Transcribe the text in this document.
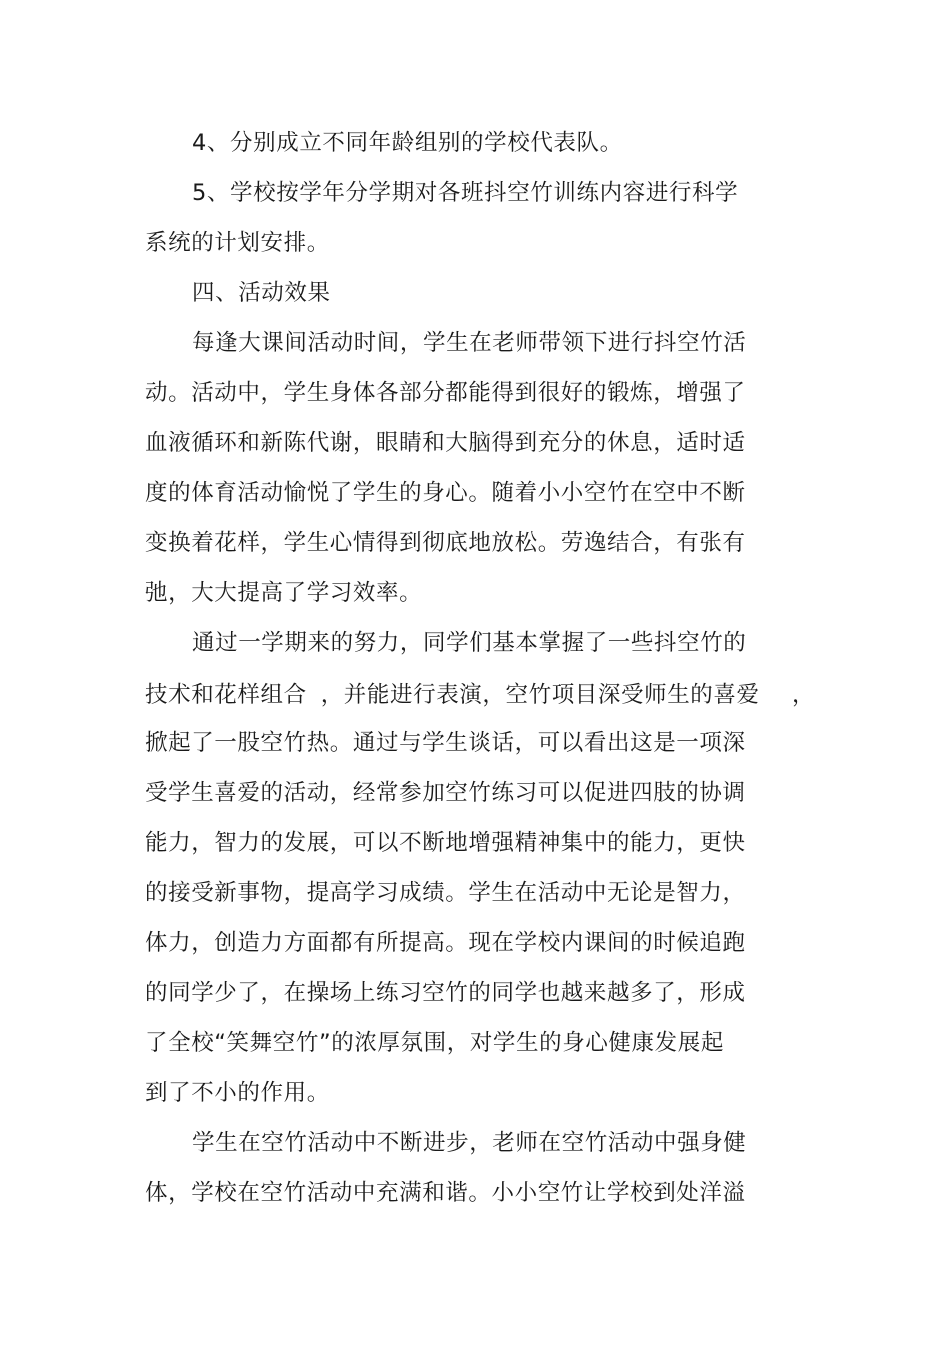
4、分别成立不同年龄组别的学校代表队。
5、学校按学年分学期对各班抖空竹训练内容进行科学
系统的计划安排。
四、活动效果
每逢大课间活动时间，学生在老师带领下进行抖空竹活
动。活动中，学生身体各部分都能得到很好的锻炼，增强了
血液循环和新陈代谢，眼睛和大脑得到充分的休息，适时适
度的体育活动愉悦了学生的身心。随着小小空竹在空中不断
变换着花样，学生心情得到彻底地放松。劳逸结合，有张有
弛，大大提高了学习效率。
通过一学期来的努力，同学们基本掌握了一些抖空竹的
技术和花样组合 ，并能进行表演，空竹项目深受师生的喜爱 ，
掀起了一股空竹热。通过与学生谈话，可以看出这是一项深
受学生喜爱的活动，经常参加空竹练习可以促进四肢的协调
能力，智力的发展，可以不断地增强精神集中的能力，更快
的接受新事物，提高学习成绩。学生在活动中无论是智力，
体力，创造力方面都有所提高。现在学校内课间的时候追跑
的同学少了，在操场上练习空竹的同学也越来越多了，形成
了全校“笑舞空竹”的浓厚氛围，对学生的身心健康发展起
到了不小的作用。
学生在空竹活动中不断进步，老师在空竹活动中强身健
体，学校在空竹活动中充满和谐。小小空竹让学校到处洋溢
